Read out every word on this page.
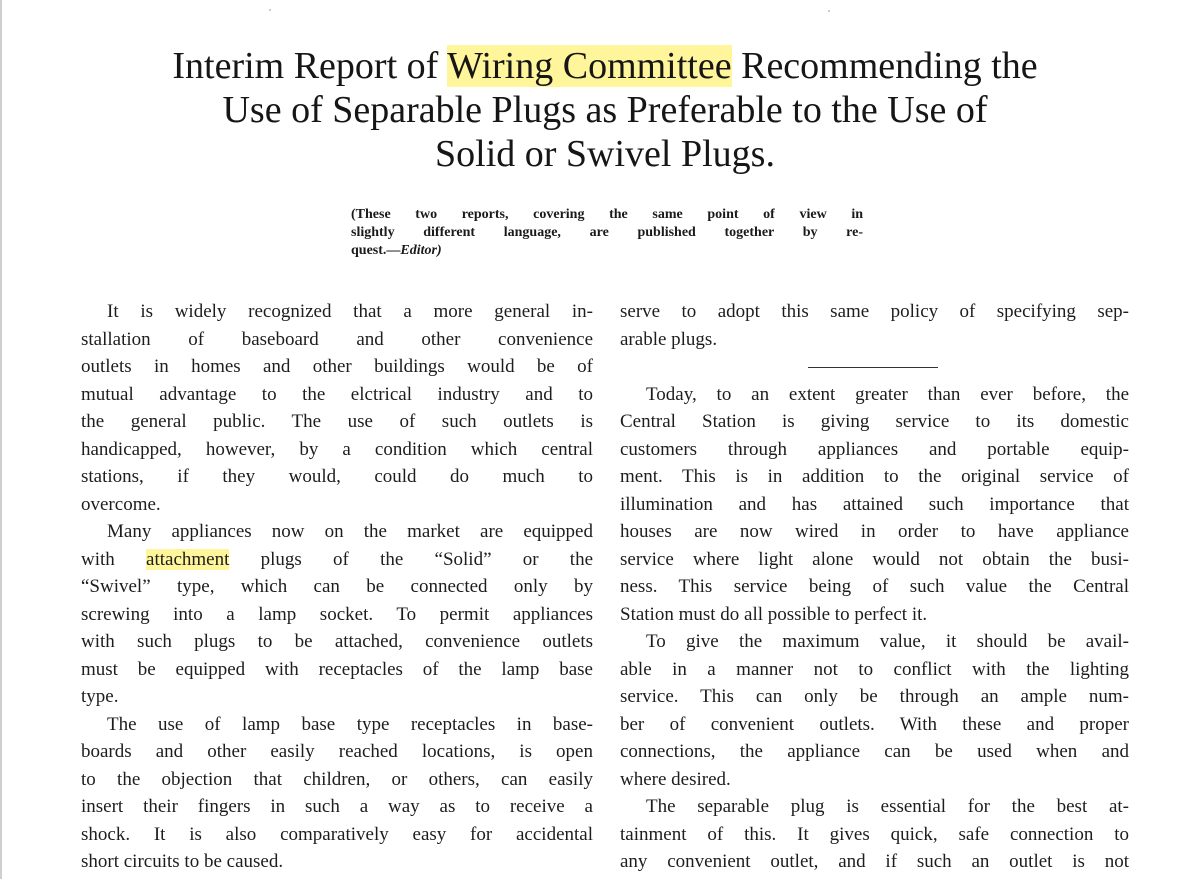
Interim Report of Wiring Committee Recommending the
Use of Separable Plugs as Preferable to the Use of
Solid or Swivel Plugs.
(These two reports, covering the same point of view in
slightly different language, are published together by re-
quest.—Editor)
It is widely recognized that a more general in-
stallation of baseboard and other convenience
outlets in homes and other buildings would be of
mutual advantage to the elctrical industry and to
the general public. The use of such outlets is
handicapped, however, by a condition which central
stations, if they would, could do much to
overcome.
Many appliances now on the market are equipped
with attachment plugs of the “Solid” or the
“Swivel” type, which can be connected only by
screwing into a lamp socket. To permit appliances
with such plugs to be attached, convenience outlets
must be equipped with receptacles of the lamp base
type.
The use of lamp base type receptacles in base-
boards and other easily reached locations, is open
to the objection that children, or others, can easily
insert their fingers in such a way as to receive a
shock. It is also comparatively easy for accidental
short circuits to be caused.
serve to adopt this same policy of specifying sep-
arable plugs.
Today, to an extent greater than ever before, the
Central Station is giving service to its domestic
customers through appliances and portable equip-
ment. This is in addition to the original service of
illumination and has attained such importance that
houses are now wired in order to have appliance
service where light alone would not obtain the busi-
ness. This service being of such value the Central
Station must do all possible to perfect it.
To give the maximum value, it should be avail-
able in a manner not to conflict with the lighting
service. This can only be through an ample num-
ber of convenient outlets. With these and proper
connections, the appliance can be used when and
where desired.
The separable plug is essential for the best at-
tainment of this. It gives quick, safe connection to
any convenient outlet, and if such an outlet is not
